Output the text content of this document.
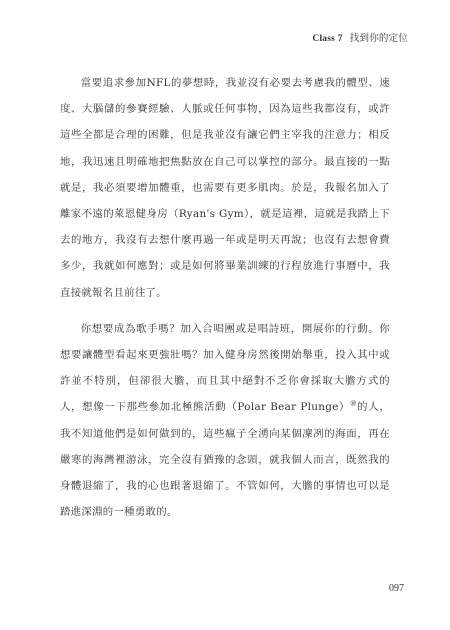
Class 7 找到你的定位

當要追求參加NFL的夢想時，我並沒有必要去考慮我的體型、速度、大腦儲的參賽經驗、人脈或任何事物，因為這些我都沒有，或許這些全都是合理的困難，但是我並沒有讓它們主宰我的注意力；相反地，我迅速且明確地把焦點放在自己可以掌控的部分。最直接的一點就是，我必須要增加體重，也需要有更多肌肉。於是，我報名加入了離家不遠的萊恩健身房（Ryan's Gym），就是這裡，這就是我踏上下去的地方，我沒有去想什麼再過一年或是明天再說；也沒有去想會費多少，我就如何應對；或是如何將畢業訓練的行程放進行事曆中，我直接就報名且前往了。

你想要成為歌手嗎？加入合唱團或是唱詩班，開展你的行動。你想要讓體型看起來更強壯嗎？加入健身房然後開始舉重，投入其中或許並不特別，但卻很大膽，而且其中絕對不乏你會採取大膽方式的人，想像一下那些參加北極熊活動（Polar Bear Plunge）⑩的人，我不知道他們是如何做到的，這些瘋子全湧向某個凜冽的海面，再在嚴寒的海灣裡游泳，完全沒有猶豫的念頭，就我個人而言，既然我的身體退縮了，我的心也跟著退縮了。不管如何，大膽的事情也可以是踏進深淵的一種勇敢的。

097
